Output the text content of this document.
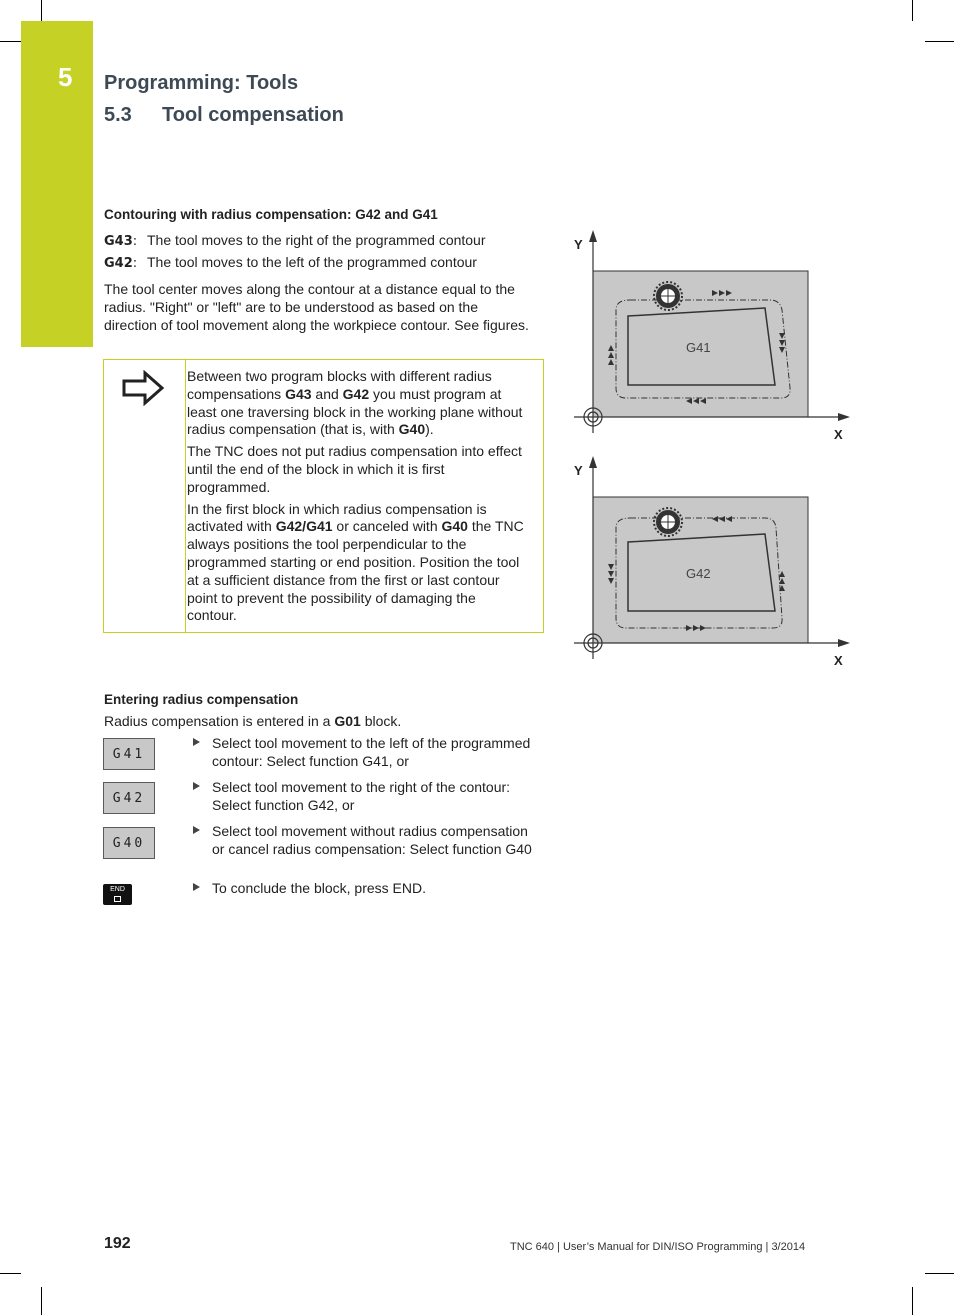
5 Programming: Tools
5.3 Tool compensation
Contouring with radius compensation: G42 and G41
G43: The tool moves to the right of the programmed contour
G42: The tool moves to the left of the programmed contour
The tool center moves along the contour at a distance equal to the radius. "Right" or "left" are to be understood as based on the direction of tool movement along the workpiece contour. See figures.

Between two program blocks with different radius compensations G43 and G42 you must program at least one traversing block in the working plane without radius compensation (that is, with G40).

The TNC does not put radius compensation into effect until the end of the block in which it is first programmed.

In the first block in which radius compensation is activated with G42/G41 or canceled with G40 the TNC always positions the tool perpendicular to the programmed starting or end position. Position the tool at a sufficient distance from the first or last contour point to prevent the possibility of damaging the contour.

Y
X
G41
Y
X
G42
Entering radius compensation
Radius compensation is entered in a G01 block.
G41
G42
G40
END
Select tool movement to the left of the programmed contour: Select function G41, or
Select tool movement to the right of the contour: Select function G42, or
Select tool movement without radius compensation or cancel radius compensation: Select function G40
To conclude the block, press END.
192	TNC 640 | User’s Manual for DIN/ISO Programming | 3/2014
